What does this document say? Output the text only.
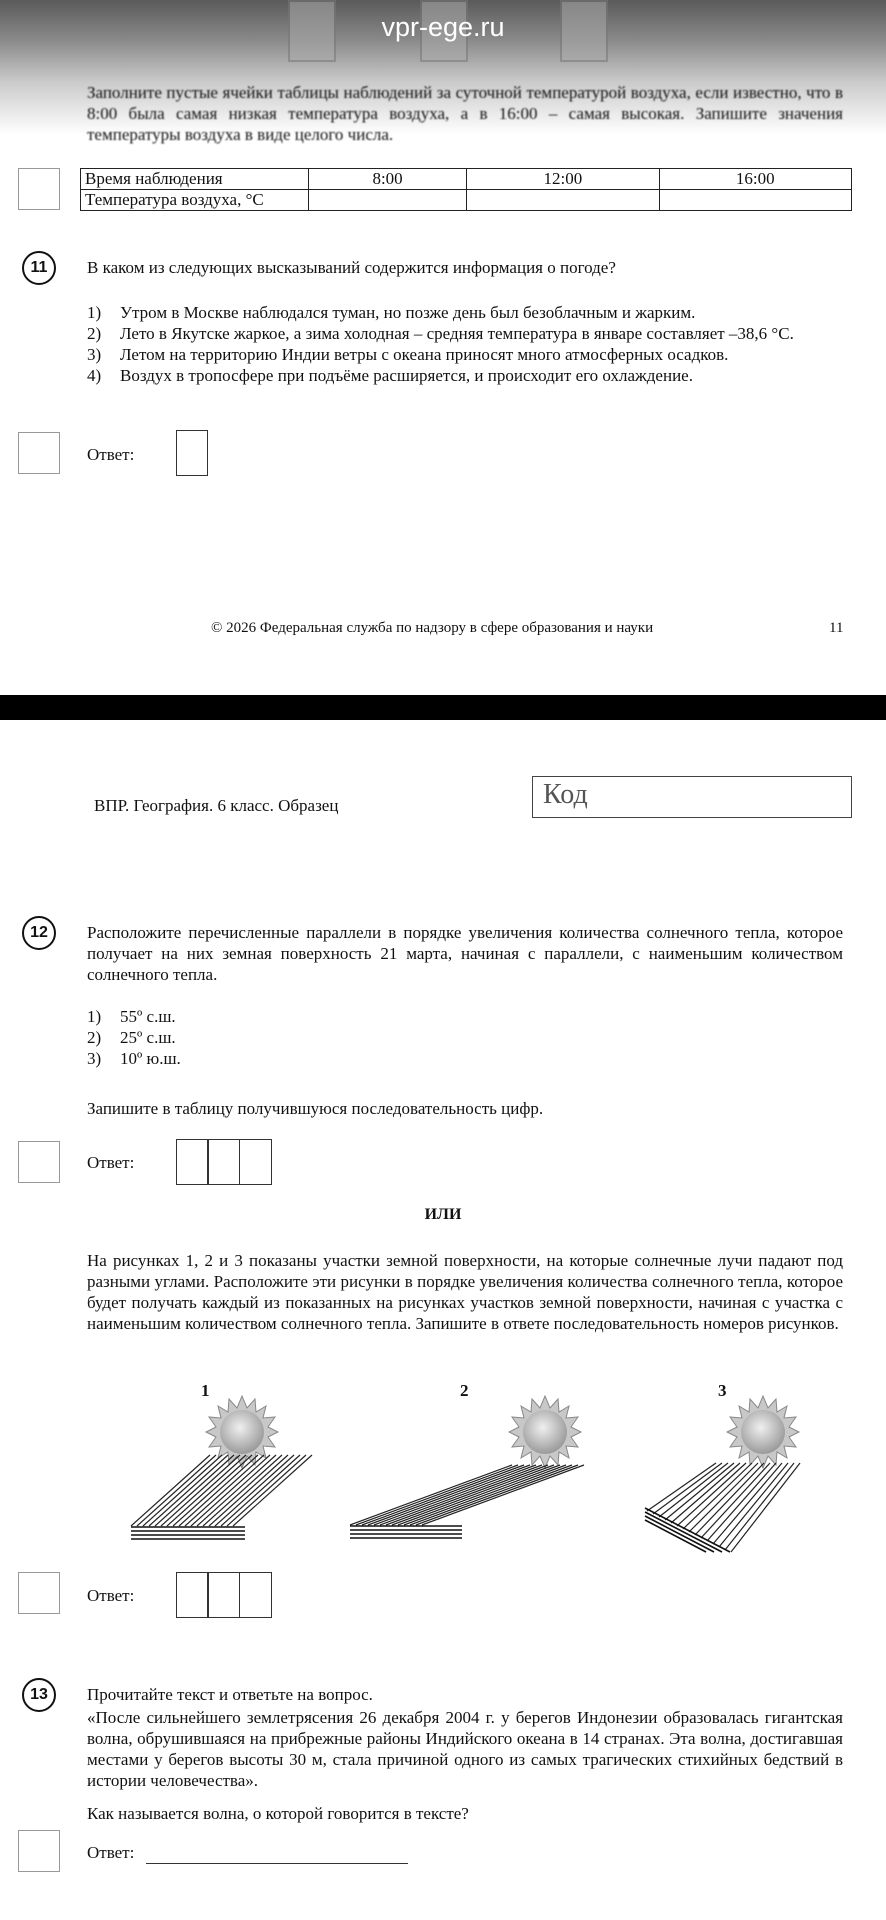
vpr-ege.ru
Заполните пустые ячейки таблицы наблюдений за суточной температурой воздуха, если известно, что в 8:00 была самая низкая температура воздуха, а в 16:00 – самая высокая. Запишите значения температуры воздуха в виде целого числа.
Время наблюдения	8:00	12:00	16:00
Температура воздуха, °С			
11	В каком из следующих высказываний содержится информация о погоде?
1)	Утром в Москве наблюдался туман, но позже день был безоблачным и жарким.
2)	Лето в Якутске жаркое, а зима холодная – средняя температура в январе составляет –38,6 °С.
3)	Летом на территорию Индии ветры с океана приносят много атмосферных осадков.
4)	Воздух в тропосфере при подъёме расширяется, и происходит его охлаждение.
Ответ:
© 2026 Федеральная служба по надзору в сфере образования и науки	11
ВПР. География. 6 класс. Образец	Код
12	Расположите перечисленные параллели в порядке увеличения количества солнечного тепла, которое получает на них земная поверхность 21 марта, начиная с параллели, с наименьшим количеством солнечного тепла.
1)	55º с.ш.
2)	25º с.ш.
3)	10º ю.ш.
Запишите в таблицу получившуюся последовательность цифр.
Ответ:
ИЛИ
На рисунках 1, 2 и 3 показаны участки земной поверхности, на которые солнечные лучи падают под разными углами. Расположите эти рисунки в порядке увеличения количества солнечного тепла, которое будет получать каждый из показанных на рисунках участков земной поверхности, начиная с участка с наименьшим количеством солнечного тепла. Запишите в ответе последовательность номеров рисунков.
1	2	3
Ответ:
13	Прочитайте текст и ответьте на вопрос.
«После сильнейшего землетрясения 26 декабря 2004 г. у берегов Индонезии образовалась гигантская волна, обрушившаяся на прибрежные районы Индийского океана в 14 странах. Эта волна, достигавшая местами у берегов высоты 30 м, стала причиной одного из самых трагических стихийных бедствий в истории человечества».
Как называется волна, о которой говорится в тексте?
Ответ:
